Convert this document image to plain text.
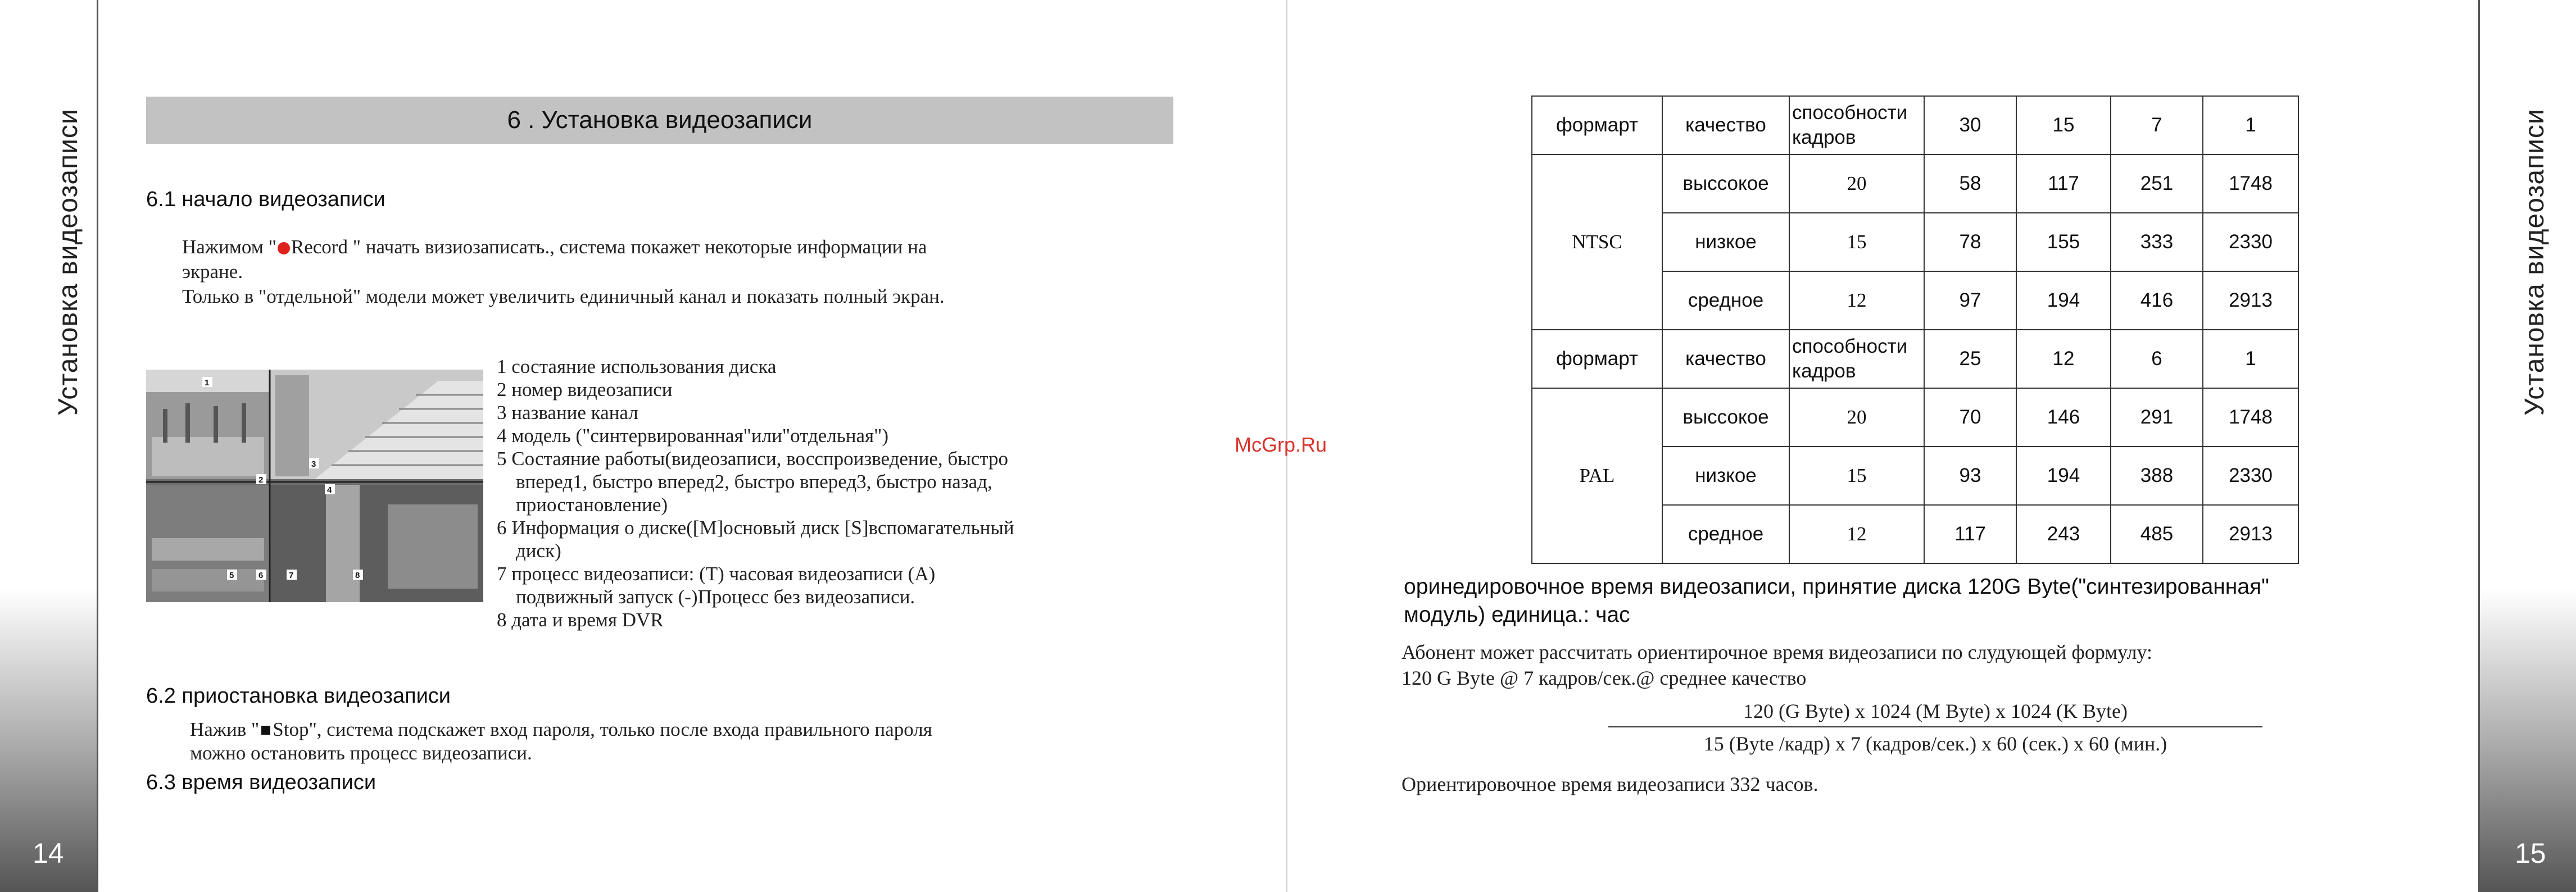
Установка видеозаписи
14
Установка видеозаписи
15
6 . Установка видеозаписи
6.1 начало видеозаписи
Нажимом " Record " начать визиозаписать., система покажет некоторые информации на
экране.
Только в "отдельной" модели может увеличить единичный канал и показать полный экран.
1
2
3
4
5	6	7	8
1 состаяние использования диска
2 номер видеозаписи
3 название канал
4 модель ("синтервированная"или"отдельная")
5 Состаяние работы(видеозаписи, восспроизведение, быстро
вперед1, быстро вперед2, быстро вперед3, быстро назад,
приостановление)
6 Информация о диске([M]основый диск [S]вспомагательный
диск)
7 процесс видеозаписи: (T) часовая видеозаписи (A)
подвижный запуск (-)Процесс без видеозаписи.
8 дата и время DVR
6.2 приостановка видеозаписи
Нажив " Stop", система подскажет вход пароля, только после входа правильного пароля
можно остановить процесс видеозаписи.
6.3 время видеозаписи
McGrp.Ru
формарт	качество	способности кадров	30	15	7	1
NTSC	выссокое	20	58	117	251	1748
	низкое	15	78	155	333	2330
	средное	12	97	194	416	2913
формарт	качество	способности кадров	25	12	6	1
PAL	выссокое	20	70	146	291	1748
	низкое	15	93	194	388	2330
	средное	12	117	243	485	2913
оринедировочное время видеозаписи, принятие диска 120G Byte("синтезированная"
модуль) единица.: час
Абонент может рассчитать ориентирочное время видеозаписи по слудующей формулу:
120 G Byte @ 7 кадров/сек.@ среднее качество
120 (G Byte) x 1024 (M Byte) x 1024 (K Byte)
15 (Byte /кадр) x 7 (кадров/сек.) x 60 (сек.) x 60 (мин.)
Ориентировочное время видеозаписи 332 часов.
